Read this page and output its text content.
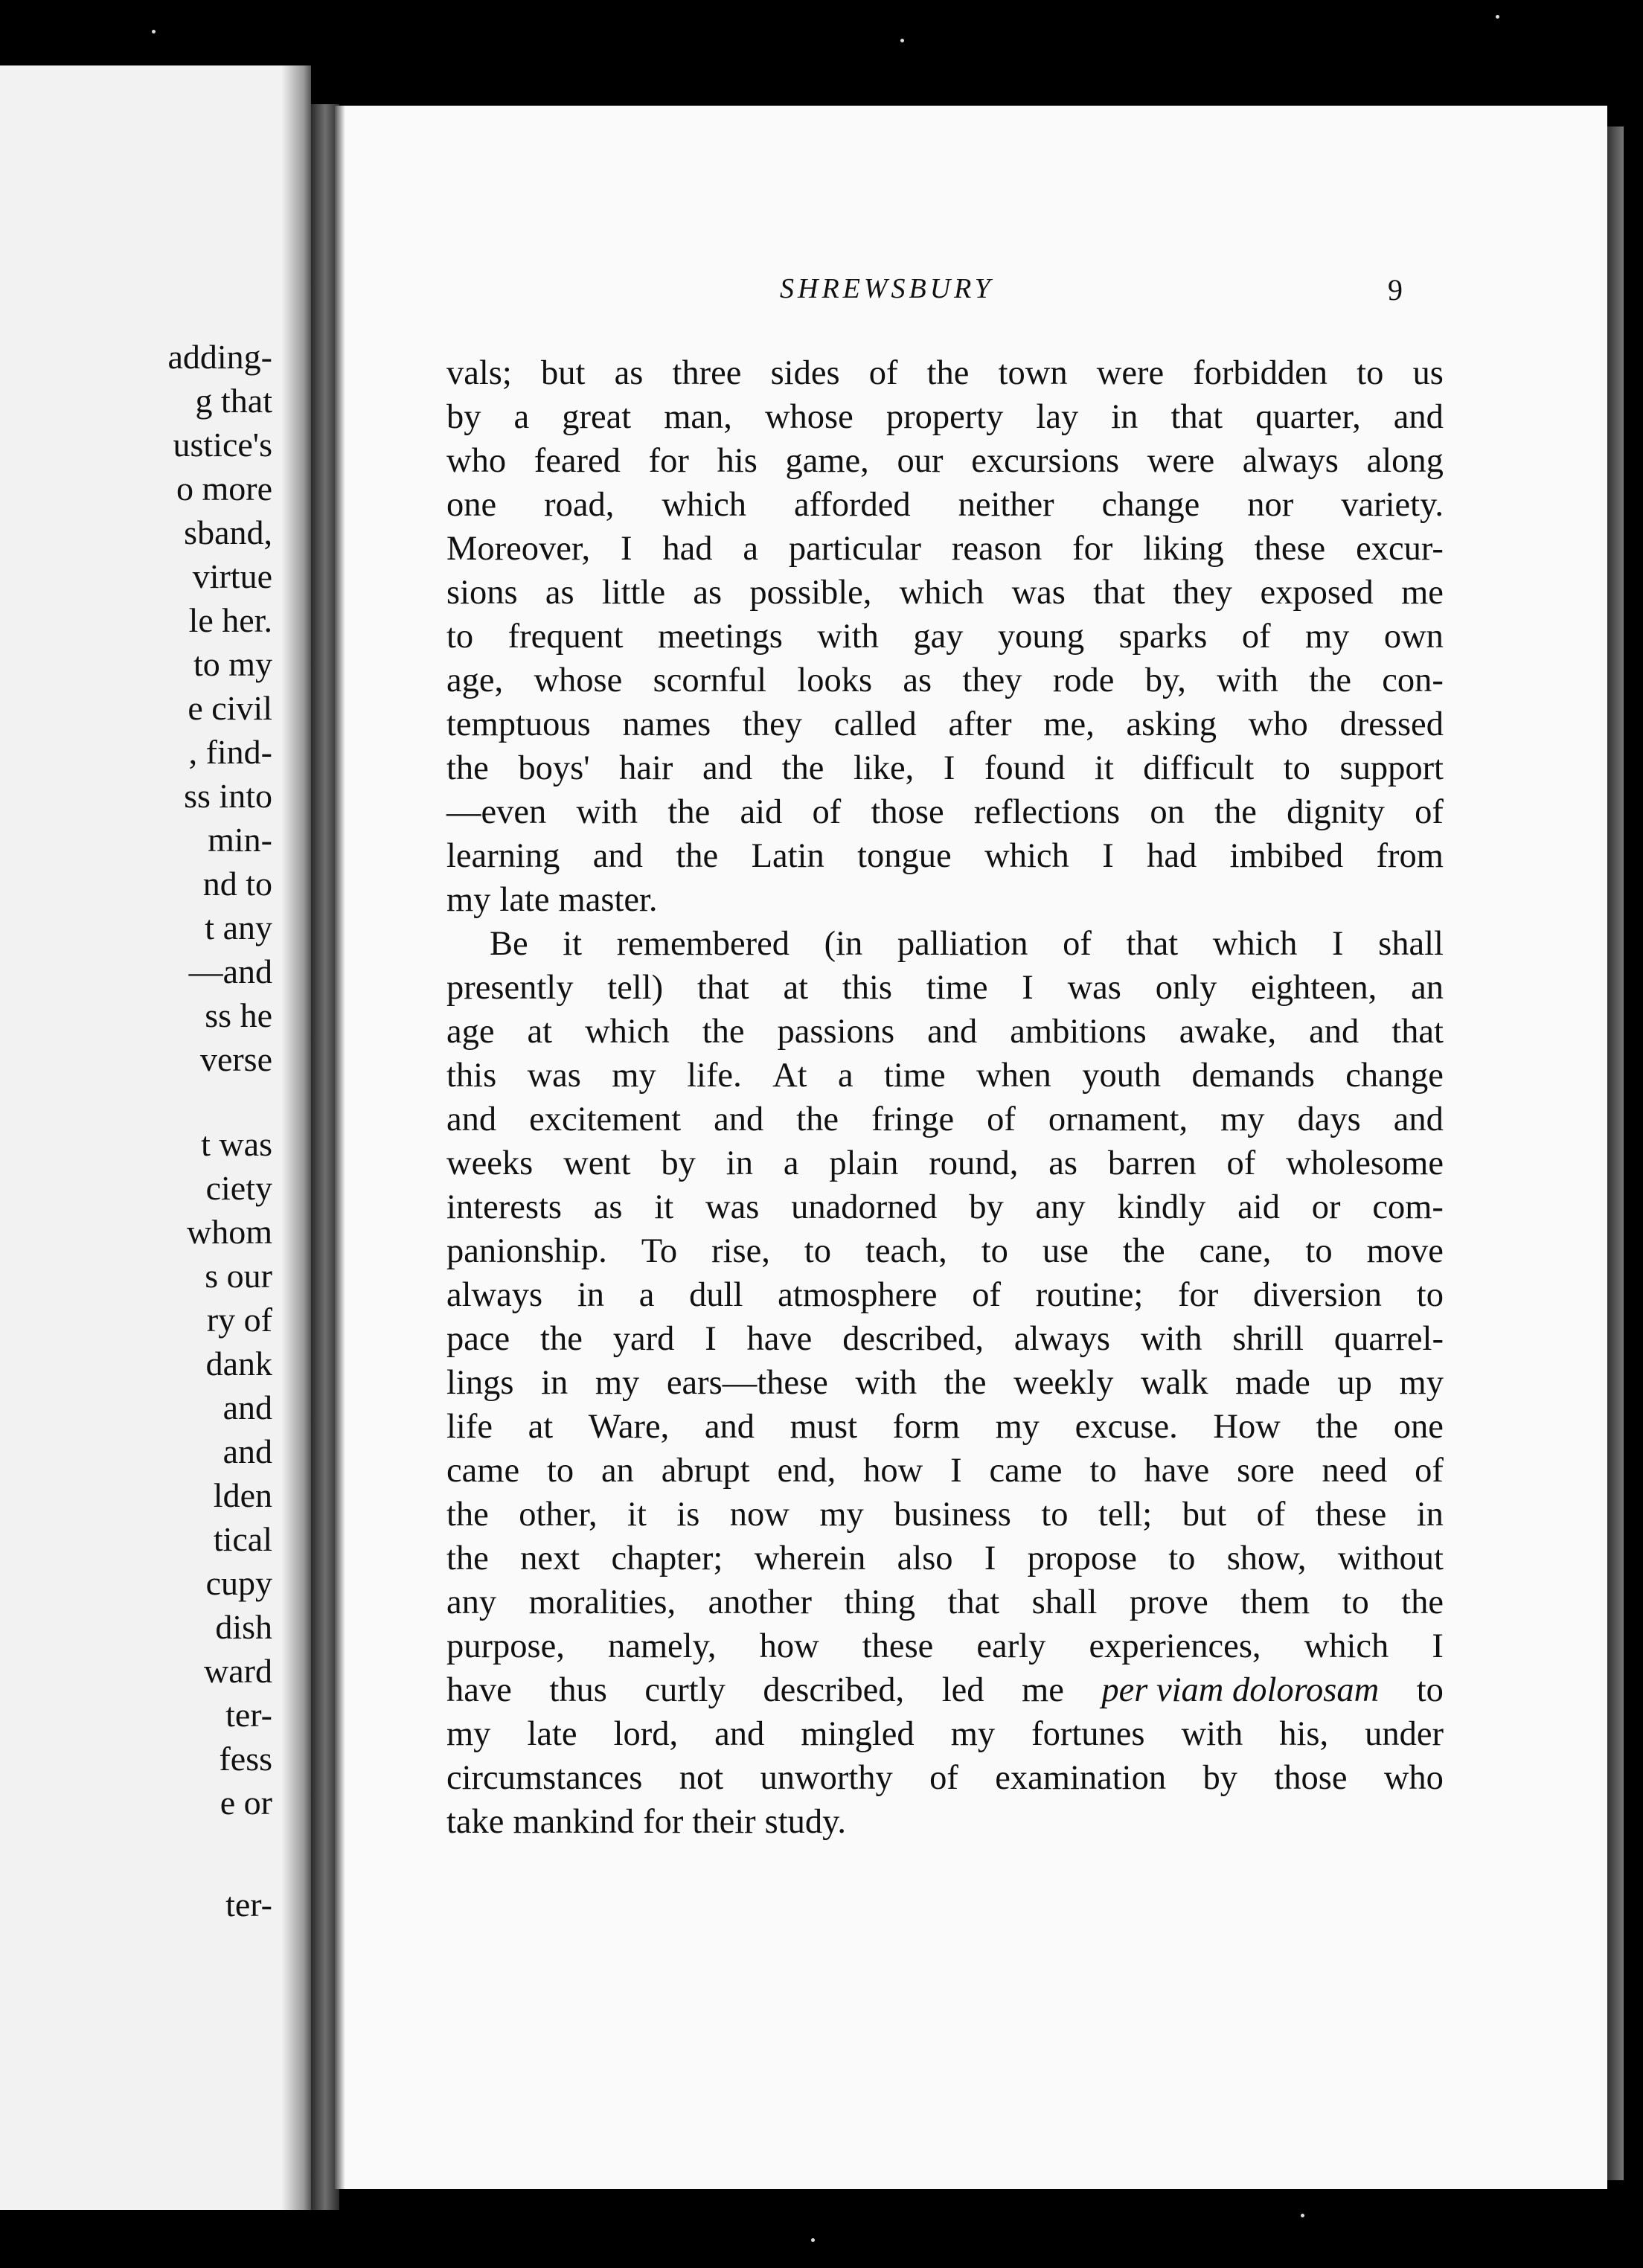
adding-
g that
ustice's
o more
sband,
virtue
le her.
to my
e civil
, find-
ss into
min-
nd to
t any
—and
ss he
verse
t was
ciety
whom
s our
ry of
dank
and
and
lden
tical
cupy
dish
ward
ter-
fess
e or
ter-
SHREWSBURY	9
vals; but as three sides of the town were forbidden to us
by a great man, whose property lay in that quarter, and
who feared for his game, our excursions were always along
one road, which afforded neither change nor variety.
Moreover, I had a particular reason for liking these excur-
sions as little as possible, which was that they exposed me
to frequent meetings with gay young sparks of my own
age, whose scornful looks as they rode by, with the con-
temptuous names they called after me, asking who dressed
the boys' hair and the like, I found it difficult to support
—even with the aid of those reflections on the dignity of
learning and the Latin tongue which I had imbibed from
my late master.
Be it remembered (in palliation of that which I shall
presently tell) that at this time I was only eighteen, an
age at which the passions and ambitions awake, and that
this was my life. At a time when youth demands change
and excitement and the fringe of ornament, my days and
weeks went by in a plain round, as barren of wholesome
interests as it was unadorned by any kindly aid or com-
panionship. To rise, to teach, to use the cane, to move
always in a dull atmosphere of routine; for diversion to
pace the yard I have described, always with shrill quarrel-
lings in my ears—these with the weekly walk made up my
life at Ware, and must form my excuse. How the one
came to an abrupt end, how I came to have sore need of
the other, it is now my business to tell; but of these in
the next chapter; wherein also I propose to show, without
any moralities, another thing that shall prove them to the
purpose, namely, how these early experiences, which I
have thus curtly described, led me per viam dolorosam to
my late lord, and mingled my fortunes with his, under
circumstances not unworthy of examination by those who
take mankind for their study.
